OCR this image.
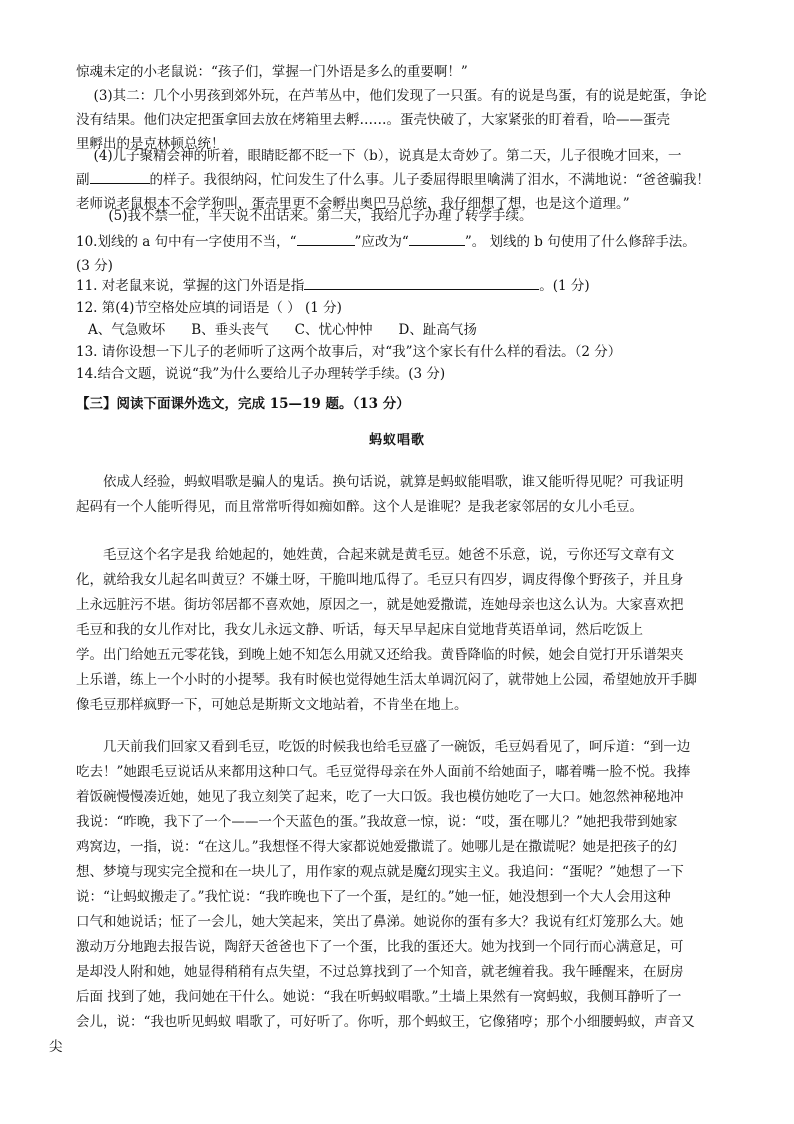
惊魂未定的小老鼠说：“孩子们，掌握一门外语是多么的重要啊！”

(3)其二：几个小男孩到郊外玩，在芦苇丛中，他们发现了一只蛋。有的说是鸟蛋，有的说是蛇蛋，争论
没有结果。他们决定把蛋拿回去放在烤箱里去孵……。蛋壳快破了，大家紧张的盯着看，哈——蛋壳
里孵出的是克林顿总统！
(4)儿子聚精会神的听着，眼睛眨都不眨一下（b），说真是太奇妙了。第二天，儿子很晚才回来，一
副	的样子。我很纳闷，忙问发生了什么事。儿子委屈得眼里噙满了泪水，不满地说：“爸爸骗我！
老师说老鼠根本不会学狗叫，蛋壳里更不会孵出奥巴马总统，我仔细想了想，也是这个道理。”

(5)我不禁一怔，半天说不出话来。第二天，我给儿子办理了转学手续。

10.划线的 a 句中有一字使用不当，“	”应改为“	”。 划线的 b 句使用了什么修辞手法。
(3 分)
11. 对老鼠来说，掌握的这门外语是指	。(1 分)

12. 第(4)节空格处应填的词语是（ ） (1 分)

A、气急败坏 B、垂头丧气 C、忧心忡忡 D、趾高气扬

13. 请你设想一下儿子的老师听了这两个故事后，对“我”这个家长有什么样的看法。（2 分）

14.结合文题，说说“我”为什么要给儿子办理转学手续。(3 分)

【三】阅读下面课外选文，完成 15—19 题。（13 分）

蚂蚁唱歌
依成人经验，蚂蚁唱歌是骗人的鬼话。换句话说，就算是蚂蚁能唱歌，谁又能听得见呢？可我证明
起码有一个人能听得见，而且常常听得如痴如醉。这个人是谁呢？是我老家邻居的女儿小毛豆。
毛豆这个名字是我 给她起的，她姓黄，合起来就是黄毛豆。她爸不乐意，说，亏你还写文章有文
化，就给我女儿起名叫黄豆？不嫌土呀，干脆叫地瓜得了。毛豆只有四岁，调皮得像个野孩子，并且身
上永远脏污不堪。街坊邻居都不喜欢她，原因之一，就是她爱撒谎，连她母亲也这么认为。大家喜欢把
毛豆和我的女儿作对比，我女儿永远文静、听话，每天早早起床自觉地背英语单词，然后吃饭上
学。出门给她五元零花钱，到晚上她不知怎么用就又还给我。黄昏降临的时候，她会自觉打开乐谱架夹
上乐谱，练上一个小时的小提琴。我有时候也觉得她生活太单调沉闷了，就带她上公园，希望她放开手脚
像毛豆那样疯野一下，可她总是斯斯文文地站着，不肯坐在地上。
几天前我们回家又看到毛豆，吃饭的时候我也给毛豆盛了一碗饭，毛豆妈看见了，呵斥道：“到一边
吃去！”她跟毛豆说话从来都用这种口气。毛豆觉得母亲在外人面前不给她面子，嘟着嘴一脸不悦。我捧
着饭碗慢慢凑近她，她见了我立刻笑了起来，吃了一大口饭。我也模仿她吃了一大口。她忽然神秘地冲
我说：“昨晚，我下了一个——一个天蓝色的蛋。”我故意一惊，说：“哎，蛋在哪儿？”她把我带到她家
鸡窝边，一指，说：“在这儿。”我想怪不得大家都说她爱撒谎了。她哪儿是在撒谎呢？她是把孩子的幻
想、梦境与现实完全搅和在一块儿了，用作家的观点就是魔幻现实主义。我追问：“蛋呢？”她想了一下
说：“让蚂蚁搬走了。”我忙说：“我昨晚也下了一个蛋，是红的。”她一怔，她没想到一个大人会用这种
口气和她说话；怔了一会儿，她大笑起来，笑出了鼻涕。她说你的蛋有多大？我说有红灯笼那么大。她
激动万分地跑去报告说，陶舒天爸爸也下了一个蛋，比我的蛋还大。她为找到一个同行而心满意足，可
是却没人附和她，她显得稍稍有点失望，不过总算找到了一个知音，就老缠着我。我午睡醒来，在厨房
后面 找到了她，我问她在干什么。她说：“我在听蚂蚁唱歌。”土墙上果然有一窝蚂蚁，我侧耳静听了一
会儿，说：“我也听见蚂蚁 唱歌了，可好听了。你听，那个蚂蚁王，它像猪哼；那个小细腰蚂蚁，声音又
尖
